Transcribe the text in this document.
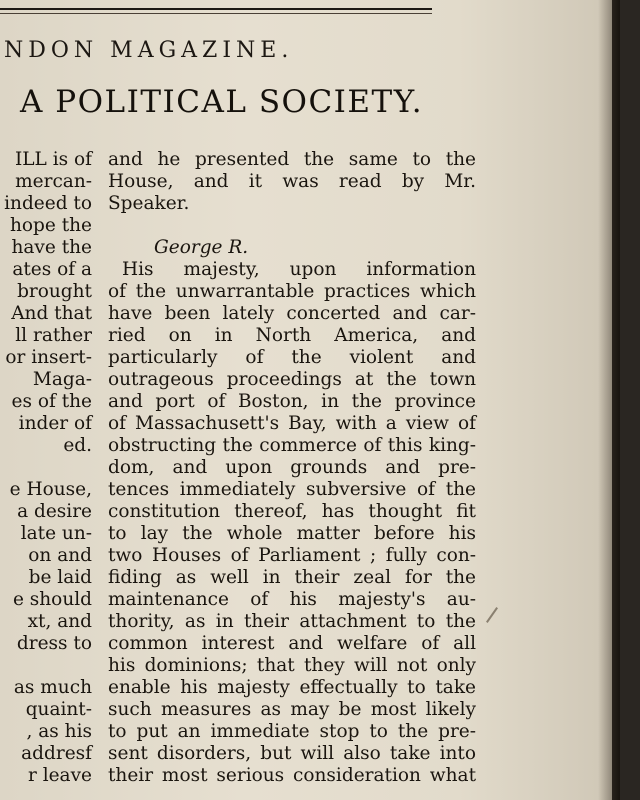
NDON MAGAZINE.
A POLITICAL SOCIETY.
ILL is of
mercan-
indeed to
hope the
have the
ates of a
brought
And that
ll rather
or insert-
Maga-
es of the
inder of
ed.
e House,
a desire
late un-
on and
be laid
e should
xt, and
dress to
as much
quaint-
, as his
addresf
r leave
and he presented the same to the
House, and it was read by Mr.
Speaker.
George R.
His majesty, upon information
of the unwarrantable practices which
have been lately concerted and car-
ried on in North America, and
particularly of the violent and
outrageous proceedings at the town
and port of Boston, in the province
of Massachusett's Bay, with a view of
obstructing the commerce of this king-
dom, and upon grounds and pre-
tences immediately subversive of the
constitution thereof, has thought fit
to lay the whole matter before his
two Houses of Parliament ; fully con-
fiding as well in their zeal for the
maintenance of his majesty's au-
thority, as in their attachment to the
common interest and welfare of all
his dominions; that they will not only
enable his majesty effectually to take
such measures as may be most likely
to put an immediate stop to the pre-
sent disorders, but will also take into
their most serious consideration what
